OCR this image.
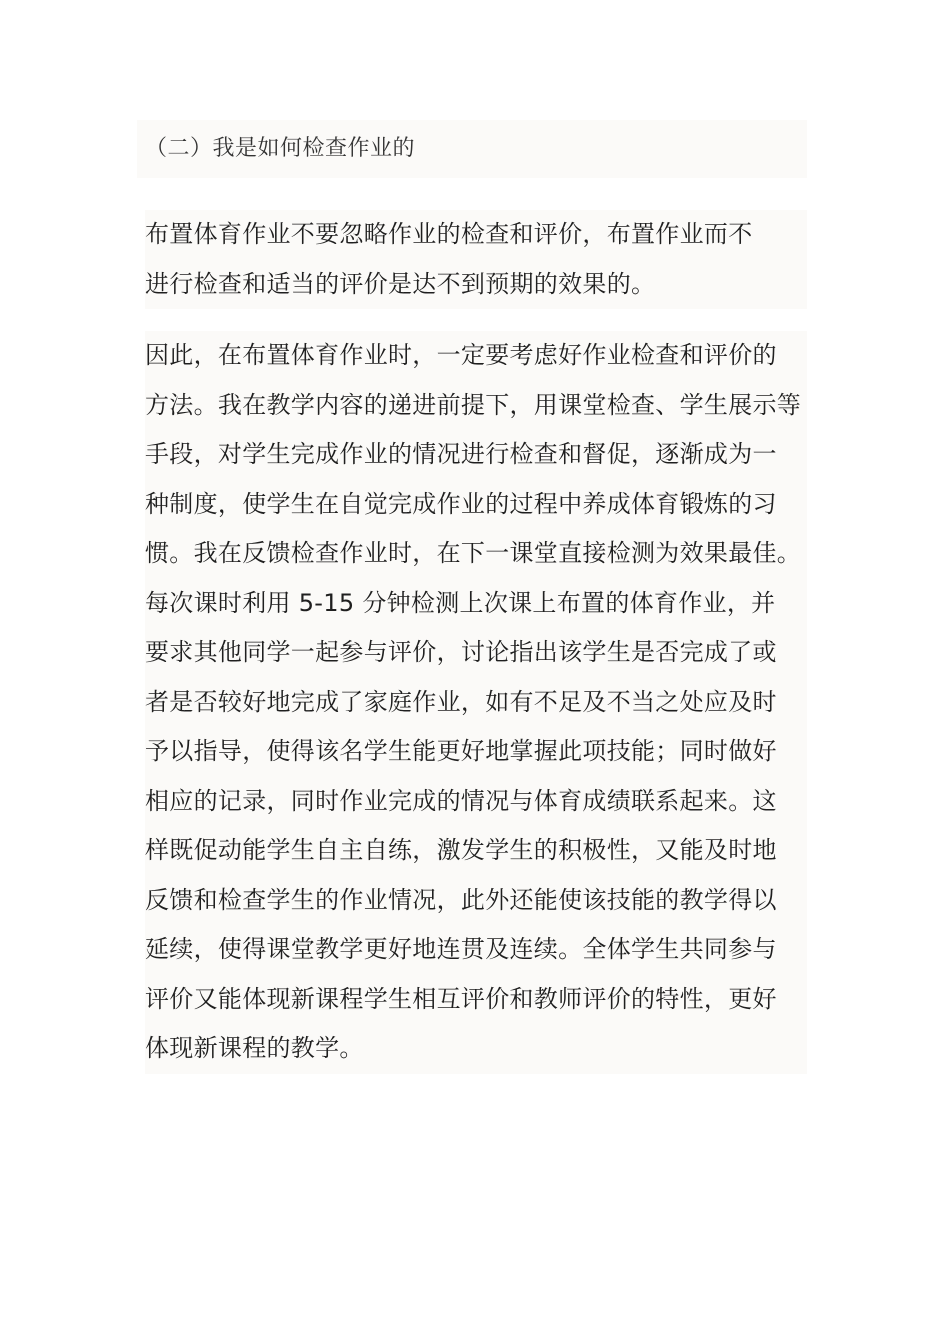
（二）我是如何检查作业的
布置体育作业不要忽略作业的检查和评价，布置作业而不
进行检查和适当的评价是达不到预期的效果的。
因此，在布置体育作业时，一定要考虑好作业检查和评价的
方法。我在教学内容的递进前提下，用课堂检查、学生展示等
手段，对学生完成作业的情况进行检查和督促，逐渐成为一
种制度，使学生在自觉完成作业的过程中养成体育锻炼的习
惯。我在反馈检查作业时，在下一课堂直接检测为效果最佳。
每次课时利用 5-15 分钟检测上次课上布置的体育作业，并
要求其他同学一起参与评价，讨论指出该学生是否完成了或
者是否较好地完成了家庭作业，如有不足及不当之处应及时
予以指导，使得该名学生能更好地掌握此项技能；同时做好
相应的记录，同时作业完成的情况与体育成绩联系起来。这
样既促动能学生自主自练，激发学生的积极性，又能及时地
反馈和检查学生的作业情况，此外还能使该技能的教学得以
延续，使得课堂教学更好地连贯及连续。全体学生共同参与
评价又能体现新课程学生相互评价和教师评价的特性，更好
体现新课程的教学。
